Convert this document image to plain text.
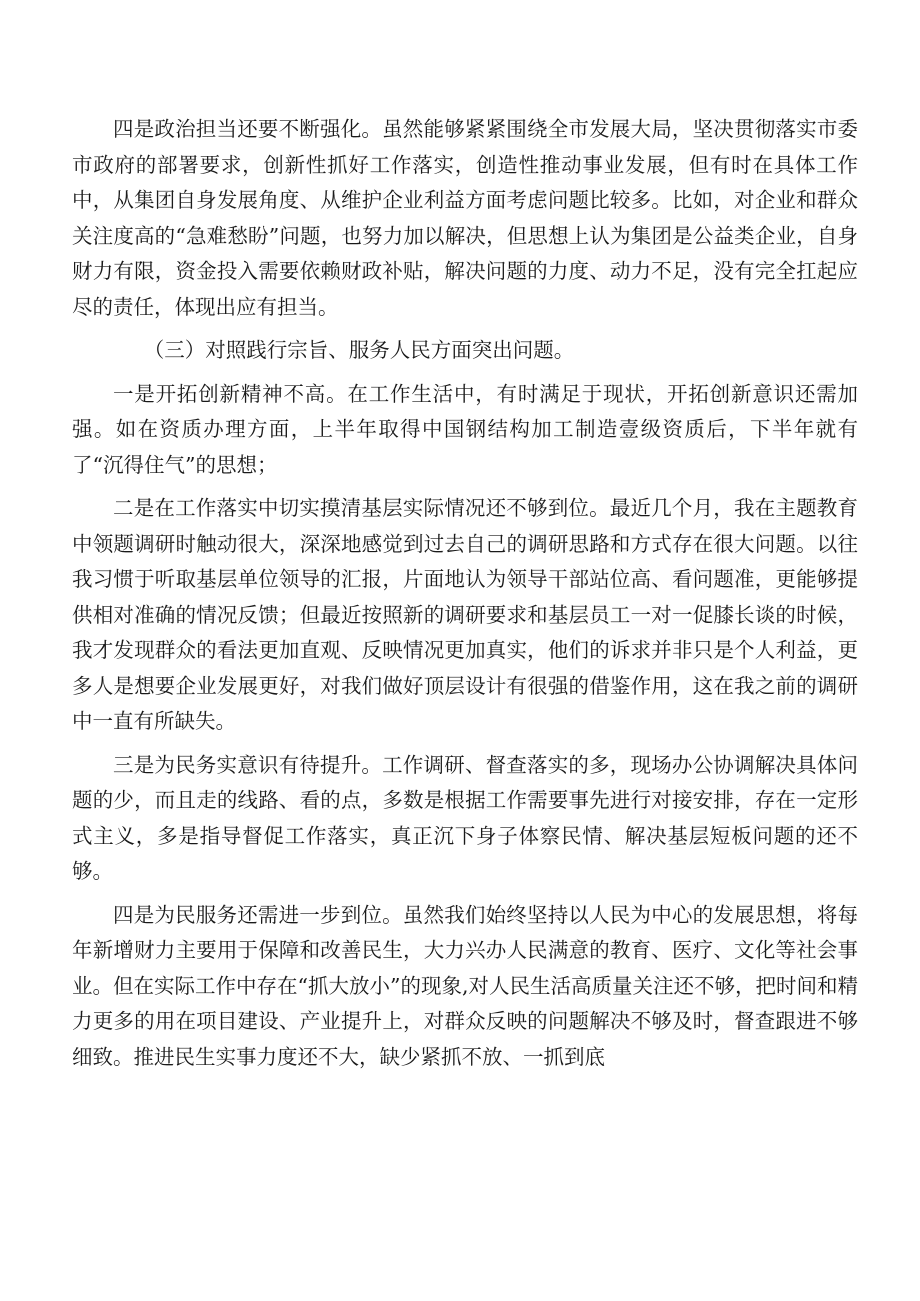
四是政治担当还要不断强化。虽然能够紧紧围绕全市发展大局，坚决贯彻落实市委市政府的部署要求，创新性抓好工作落实，创造性推动事业发展，但有时在具体工作中，从集团自身发展角度、从维护企业利益方面考虑问题比较多。比如，对企业和群众关注度高的“急难愁盼”问题，也努力加以解决，但思想上认为集团是公益类企业，自身财力有限，资金投入需要依赖财政补贴，解决问题的力度、动力不足，没有完全扛起应尽的责任，体现出应有担当。

（三）对照践行宗旨、服务人民方面突出问题。

一是开拓创新精神不高。在工作生活中，有时满足于现状，开拓创新意识还需加强。如在资质办理方面，上半年取得中国钢结构加工制造壹级资质后，下半年就有了“沉得住气”的思想；

二是在工作落实中切实摸清基层实际情况还不够到位。最近几个月，我在主题教育中领题调研时触动很大，深深地感觉到过去自己的调研思路和方式存在很大问题。以往我习惯于听取基层单位领导的汇报，片面地认为领导干部站位高、看问题准，更能够提供相对准确的情况反馈；但最近按照新的调研要求和基层员工一对一促膝长谈的时候，我才发现群众的看法更加直观、反映情况更加真实，他们的诉求并非只是个人利益，更多人是想要企业发展更好，对我们做好顶层设计有很强的借鉴作用，这在我之前的调研中一直有所缺失。

三是为民务实意识有待提升。工作调研、督查落实的多，现场办公协调解决具体问题的少，而且走的线路、看的点，多数是根据工作需要事先进行对接安排，存在一定形式主义，多是指导督促工作落实，真正沉下身子体察民情、解决基层短板问题的还不够。

四是为民服务还需进一步到位。虽然我们始终坚持以人民为中心的发展思想，将每年新增财力主要用于保障和改善民生，大力兴办人民满意的教育、医疗、文化等社会事业。但在实际工作中存在“抓大放小”的现象,对人民生活高质量关注还不够，把时间和精力更多的用在项目建设、产业提升上，对群众反映的问题解决不够及时，督查跟进不够细致。推进民生实事力度还不大，缺少紧抓不放、一抓到底
